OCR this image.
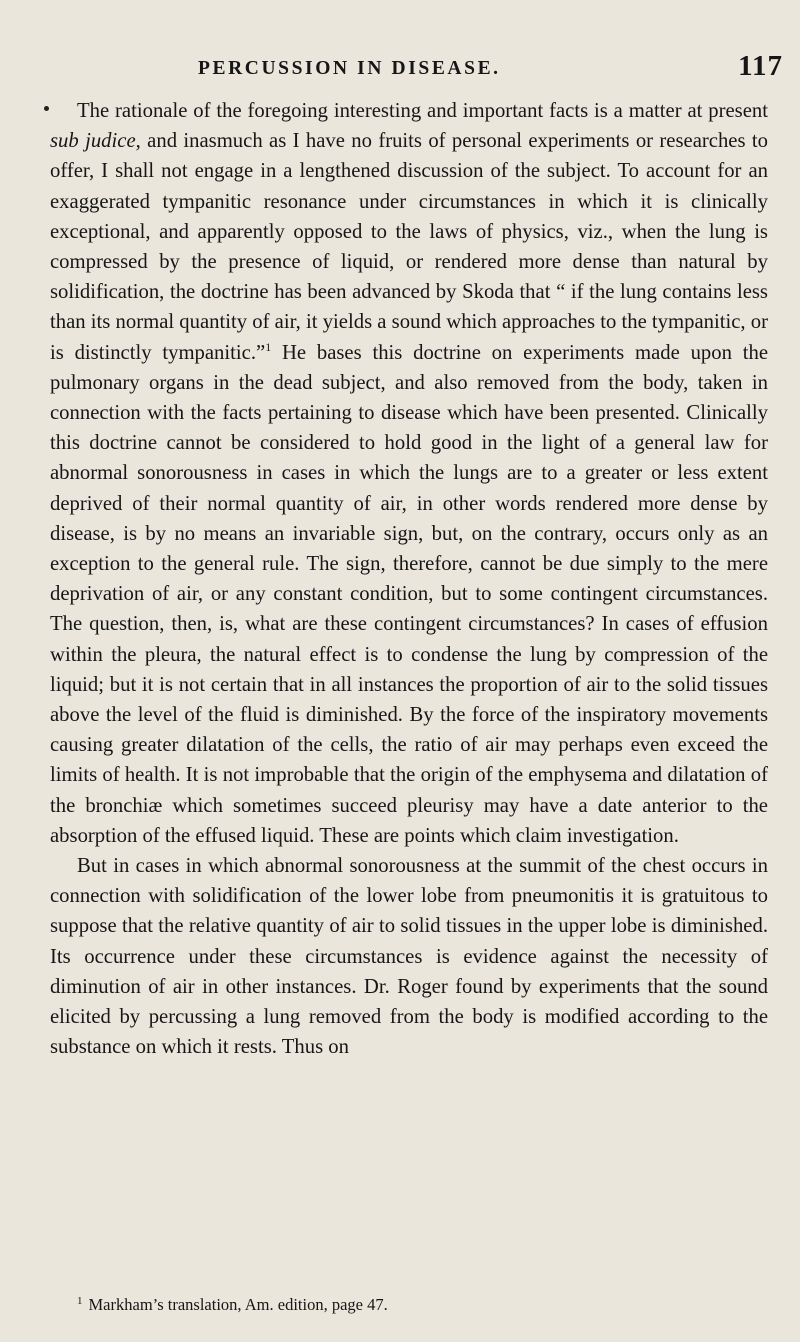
PERCUSSION IN DISEASE.	117

The rationale of the foregoing interesting and important facts is a matter at present sub judice, and inasmuch as I have no fruits of personal experiments or researches to offer, I shall not engage in a lengthened discussion of the subject. To account for an exaggerated tympanitic resonance under circumstances in which it is clinically exceptional, and apparently opposed to the laws of physics, viz., when the lung is compressed by the presence of liquid, or rendered more dense than natural by solidification, the doctrine has been advanced by Skoda that “ if the lung contains less than its normal quantity of air, it yields a sound which approaches to the tympanitic, or is distinctly tympanitic.”$^1$ He bases this doctrine on experiments made upon the pulmonary organs in the dead subject, and also removed from the body, taken in connection with the facts pertaining to disease which have been presented. Clinically this doctrine cannot be considered to hold good in the light of a general law for abnormal sonorousness in cases in which the lungs are to a greater or less extent deprived of their normal quantity of air, in other words rendered more dense by disease, is by no means an invariable sign, but, on the contrary, occurs only as an exception to the general rule. The sign, therefore, cannot be due simply to the mere deprivation of air, or any constant condition, but to some contingent circumstances. The question, then, is, what are these contingent circumstances? In cases of effusion within the pleura, the natural effect is to condense the lung by compression of the liquid; but it is not certain that in all instances the proportion of air to the solid tissues above the level of the fluid is diminished. By the force of the inspiratory movements causing greater dilatation of the cells, the ratio of air may perhaps even exceed the limits of health. It is not improbable that the origin of the emphysema and dilatation of the bronchiæ which sometimes succeed pleurisy may have a date anterior to the absorption of the effused liquid. These are points which claim investigation.

But in cases in which abnormal sonorousness at the summit of the chest occurs in connection with solidification of the lower lobe from pneumonitis it is gratuitous to suppose that the relative quantity of air to solid tissues in the upper lobe is diminished. Its occurrence under these circumstances is evidence against the necessity of diminution of air in other instances. Dr. Roger found by experiments that the sound elicited by percussing a lung removed from the body is modified according to the substance on which it rests. Thus on

$^1$ Markham’s translation, Am. edition, page 47.
